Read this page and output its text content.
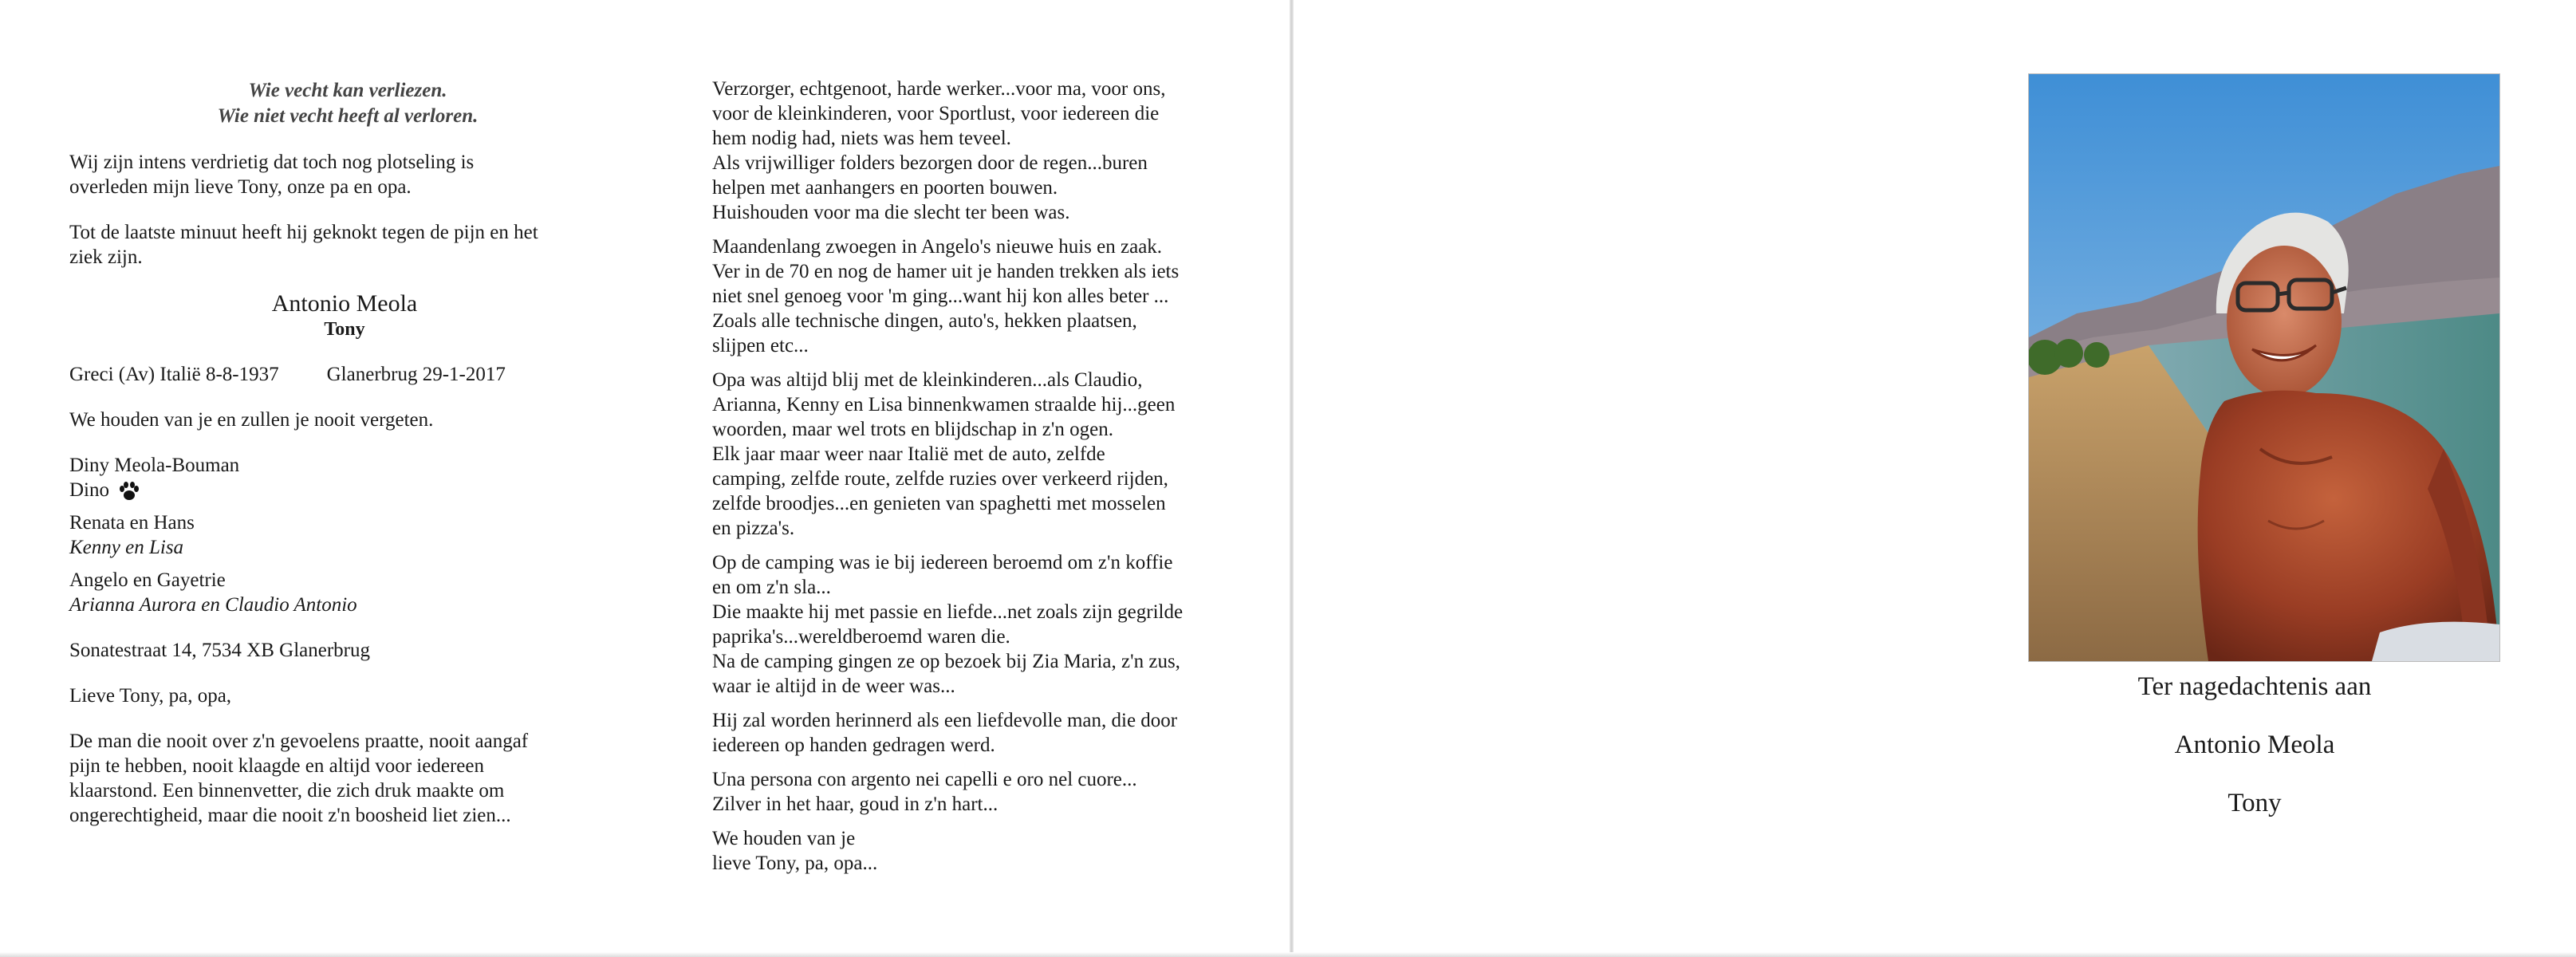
Wie vecht kan verliezen.

Wie niet vecht heeft al verloren.

Wij zijn intens verdrietig dat toch nog plotseling is

overleden mijn lieve Tony, onze pa en opa.

Tot de laatste minuut heeft hij geknokt tegen de pijn en het

ziek zijn.

Antonio Meola

Tony

Greci (Av) Italië 8-8-1937 Glanerbrug 29-1-2017

We houden van je en zullen je nooit vergeten.

Diny Meola-Bouman

Dino

Renata en Hans

Kenny en Lisa

Angelo en Gayetrie

Arianna Aurora en Claudio Antonio

Sonatestraat 14, 7534 XB Glanerbrug

Lieve Tony, pa, opa,

De man die nooit over z'n gevoelens praatte, nooit aangaf

pijn te hebben, nooit klaagde en altijd voor iedereen

klaarstond. Een binnenvetter, die zich druk maakte om

ongerechtigheid, maar die nooit z'n boosheid liet zien...

Verzorger, echtgenoot, harde werker...voor ma, voor ons,

voor de kleinkinderen, voor Sportlust, voor iedereen die

hem nodig had, niets was hem teveel.

Als vrijwilliger folders bezorgen door de regen...buren

helpen met aanhangers en poorten bouwen.

Huishouden voor ma die slecht ter been was.

Maandenlang zwoegen in Angelo's nieuwe huis en zaak.

Ver in de 70 en nog de hamer uit je handen trekken als iets

niet snel genoeg voor 'm ging...want hij kon alles beter ...

Zoals alle technische dingen, auto's, hekken plaatsen,

slijpen etc...

Opa was altijd blij met de kleinkinderen...als Claudio,

Arianna, Kenny en Lisa binnenkwamen straalde hij...geen

woorden, maar wel trots en blijdschap in z'n ogen.

Elk jaar maar weer naar Italië met de auto, zelfde

camping, zelfde route, zelfde ruzies over verkeerd rijden,

zelfde broodjes...en genieten van spaghetti met mosselen

en pizza's.

Op de camping was ie bij iedereen beroemd om z'n koffie

en om z'n sla...

Die maakte hij met passie en liefde...net zoals zijn gegrilde

paprika's...wereldberoemd waren die.

Na de camping gingen ze op bezoek bij Zia Maria, z'n zus,

waar ie altijd in de weer was...

Hij zal worden herinnerd als een liefdevolle man, die door

iedereen op handen gedragen werd.

Una persona con argento nei capelli e oro nel cuore...

Zilver in het haar, goud in z'n hart...

We houden van je

lieve Tony, pa, opa...

Ter nagedachtenis aan

Antonio Meola

Tony
